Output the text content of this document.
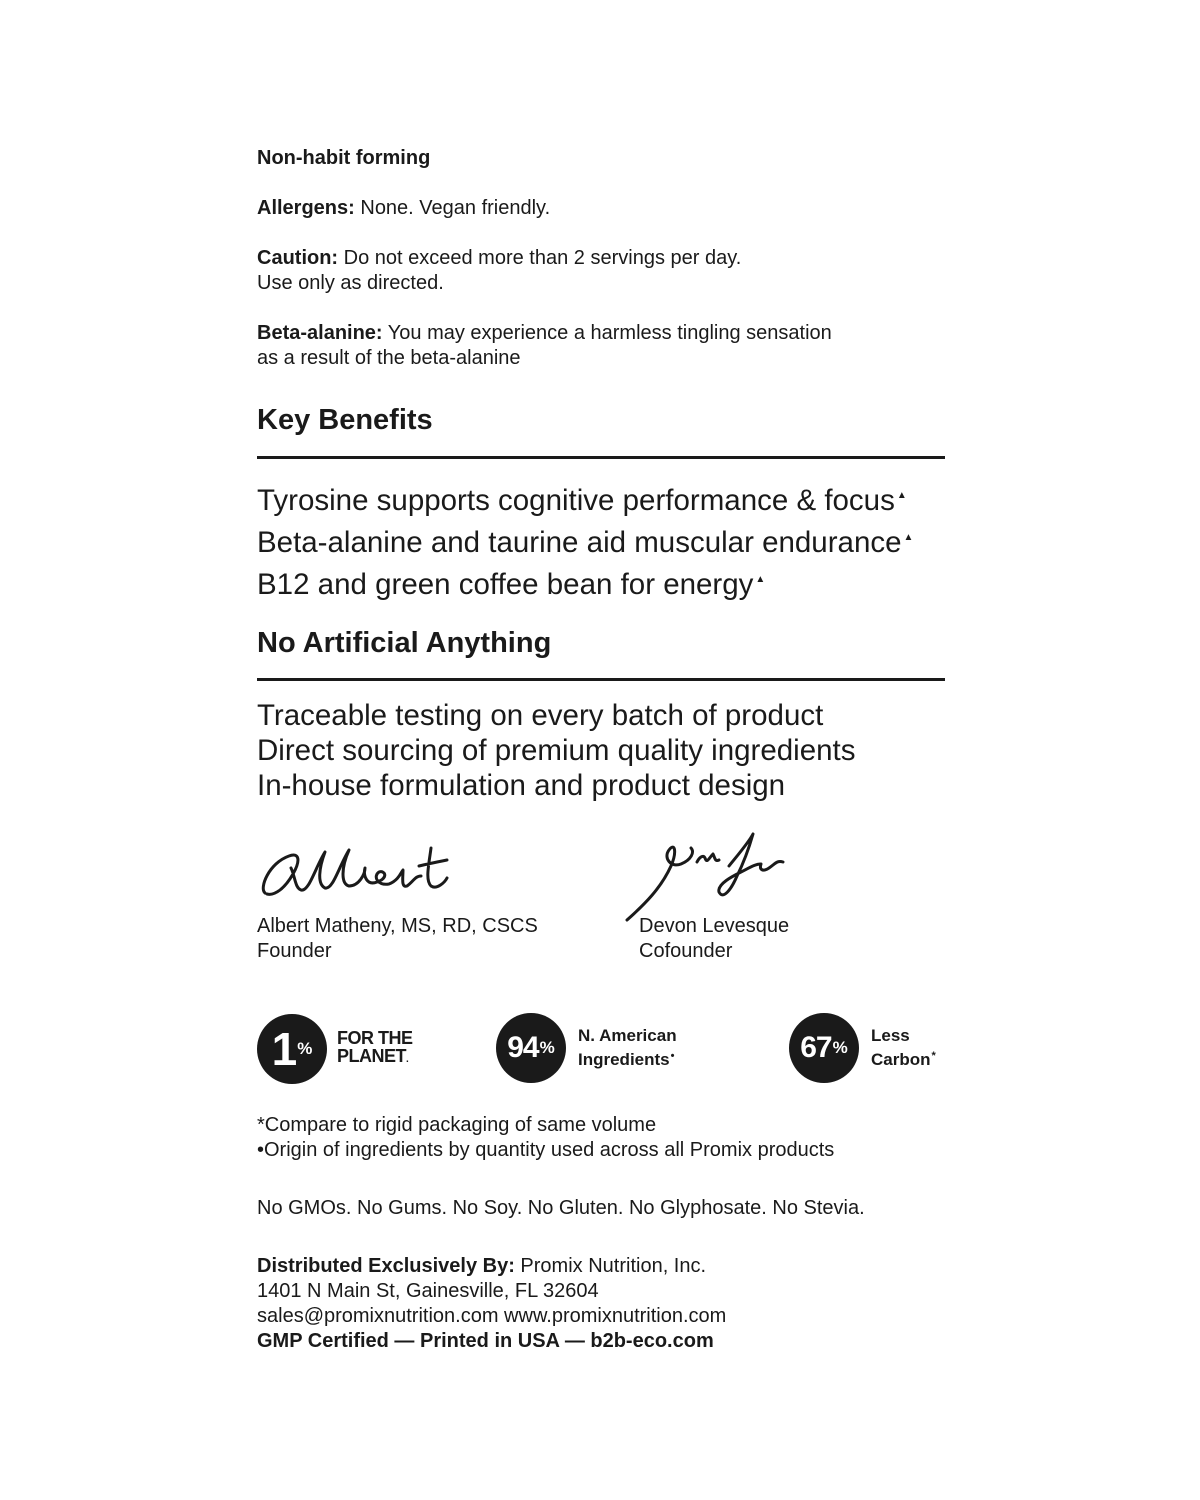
Non-habit forming
Allergens: None. Vegan friendly.
Caution: Do not exceed more than 2 servings per day.
Use only as directed.
Beta-alanine: You may experience a harmless tingling sensation
as a result of the beta-alanine
Key Benefits
Tyrosine supports cognitive performance & focus ▲
Beta-alanine and taurine aid muscular endurance ▲
B12 and green coffee bean for energy ▲
No Artificial Anything
Traceable testing on every batch of product
Direct sourcing of premium quality ingredients
In-house formulation and product design
Albert Matheny, MS, RD, CSCS
Founder
Devon Levesque
Cofounder
1 %
FOR THE
PLANET.	94 %
N. American
Ingredients•	67 %
Less
Carbon*
*Compare to rigid packaging of same volume
•Origin of ingredients by quantity used across all Promix products
No GMOs. No Gums. No Soy. No Gluten. No Glyphosate. No Stevia.
Distributed Exclusively By: Promix Nutrition, Inc.
1401 N Main St, Gainesville, FL 32604
sales@promixnutrition.com www.promixnutrition.com
GMP Certified — Printed in USA — b2b-eco.com
